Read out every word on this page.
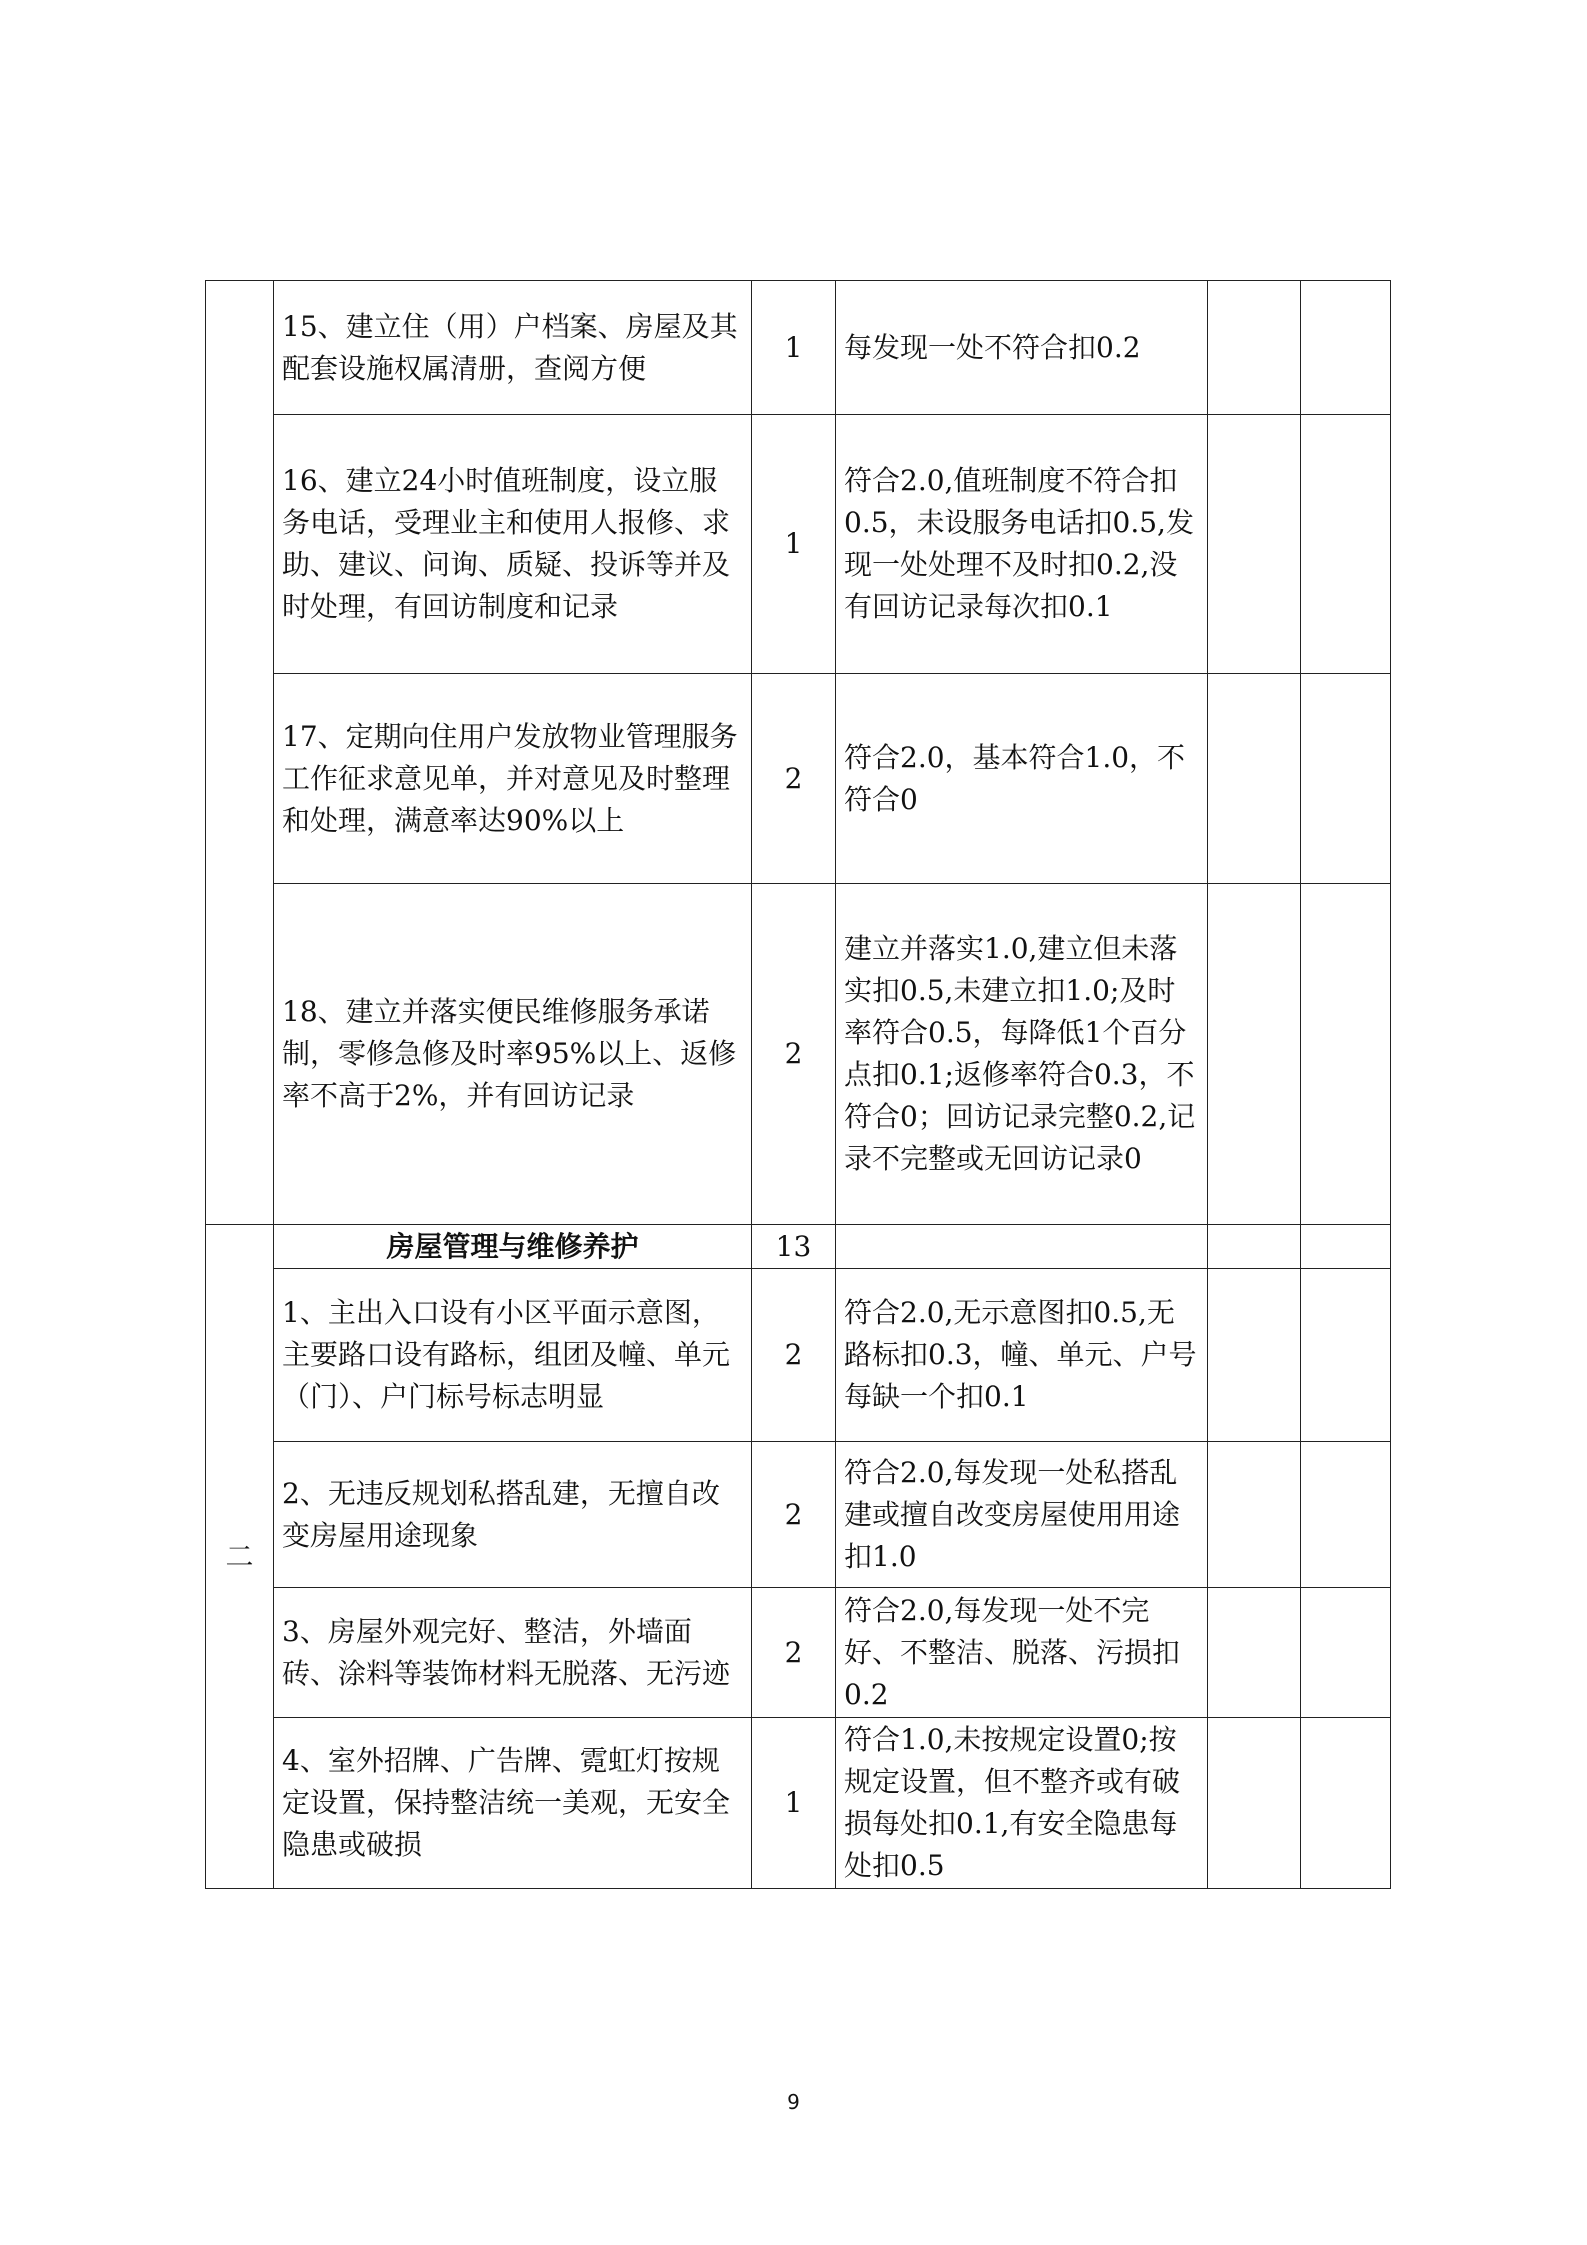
	15、建立住（用）户档案、房屋及其配套设施权属清册，查阅方便	1	每发现一处不符合扣0.2		
	16、建立24小时值班制度，设立服务电话，受理业主和使用人报修、求助、建议、问询、质疑、投诉等并及时处理，有回访制度和记录	1	符合2.0,值班制度不符合扣0.5，未设服务电话扣0.5,发现一处处理不及时扣0.2,没有回访记录每次扣0.1		
	17、定期向住用户发放物业管理服务工作征求意见单，并对意见及时整理和处理，满意率达90%以上	2	符合2.0，基本符合1.0，不符合0		
	18、建立并落实便民维修服务承诺制，零修急修及时率95%以上、返修率不高于2%，并有回访记录	2	建立并落实1.0,建立但未落实扣0.5,未建立扣1.0;及时率符合0.5，每降低1个百分点扣0.1;返修率符合0.3，不符合0；回访记录完整0.2,记录不完整或无回访记录0		
二	房屋管理与维修养护	13			
	1、主出入口设有小区平面示意图，主要路口设有路标，组团及幢、单元（门）、户门标号标志明显	2	符合2.0,无示意图扣0.5,无路标扣0.3，幢、单元、户号每缺一个扣0.1		
	2、无违反规划私搭乱建，无擅自改变房屋用途现象	2	符合2.0,每发现一处私搭乱建或擅自改变房屋使用用途扣1.0		
	3、房屋外观完好、整洁，外墙面砖、涂料等装饰材料无脱落、无污迹	2	符合2.0,每发现一处不完好、不整洁、脱落、污损扣0.2		
	4、室外招牌、广告牌、霓虹灯按规定设置，保持整洁统一美观，无安全隐患或破损	1	符合1.0,未按规定设置0;按规定设置，但不整齐或有破损每处扣0.1,有安全隐患每处扣0.5		
9
